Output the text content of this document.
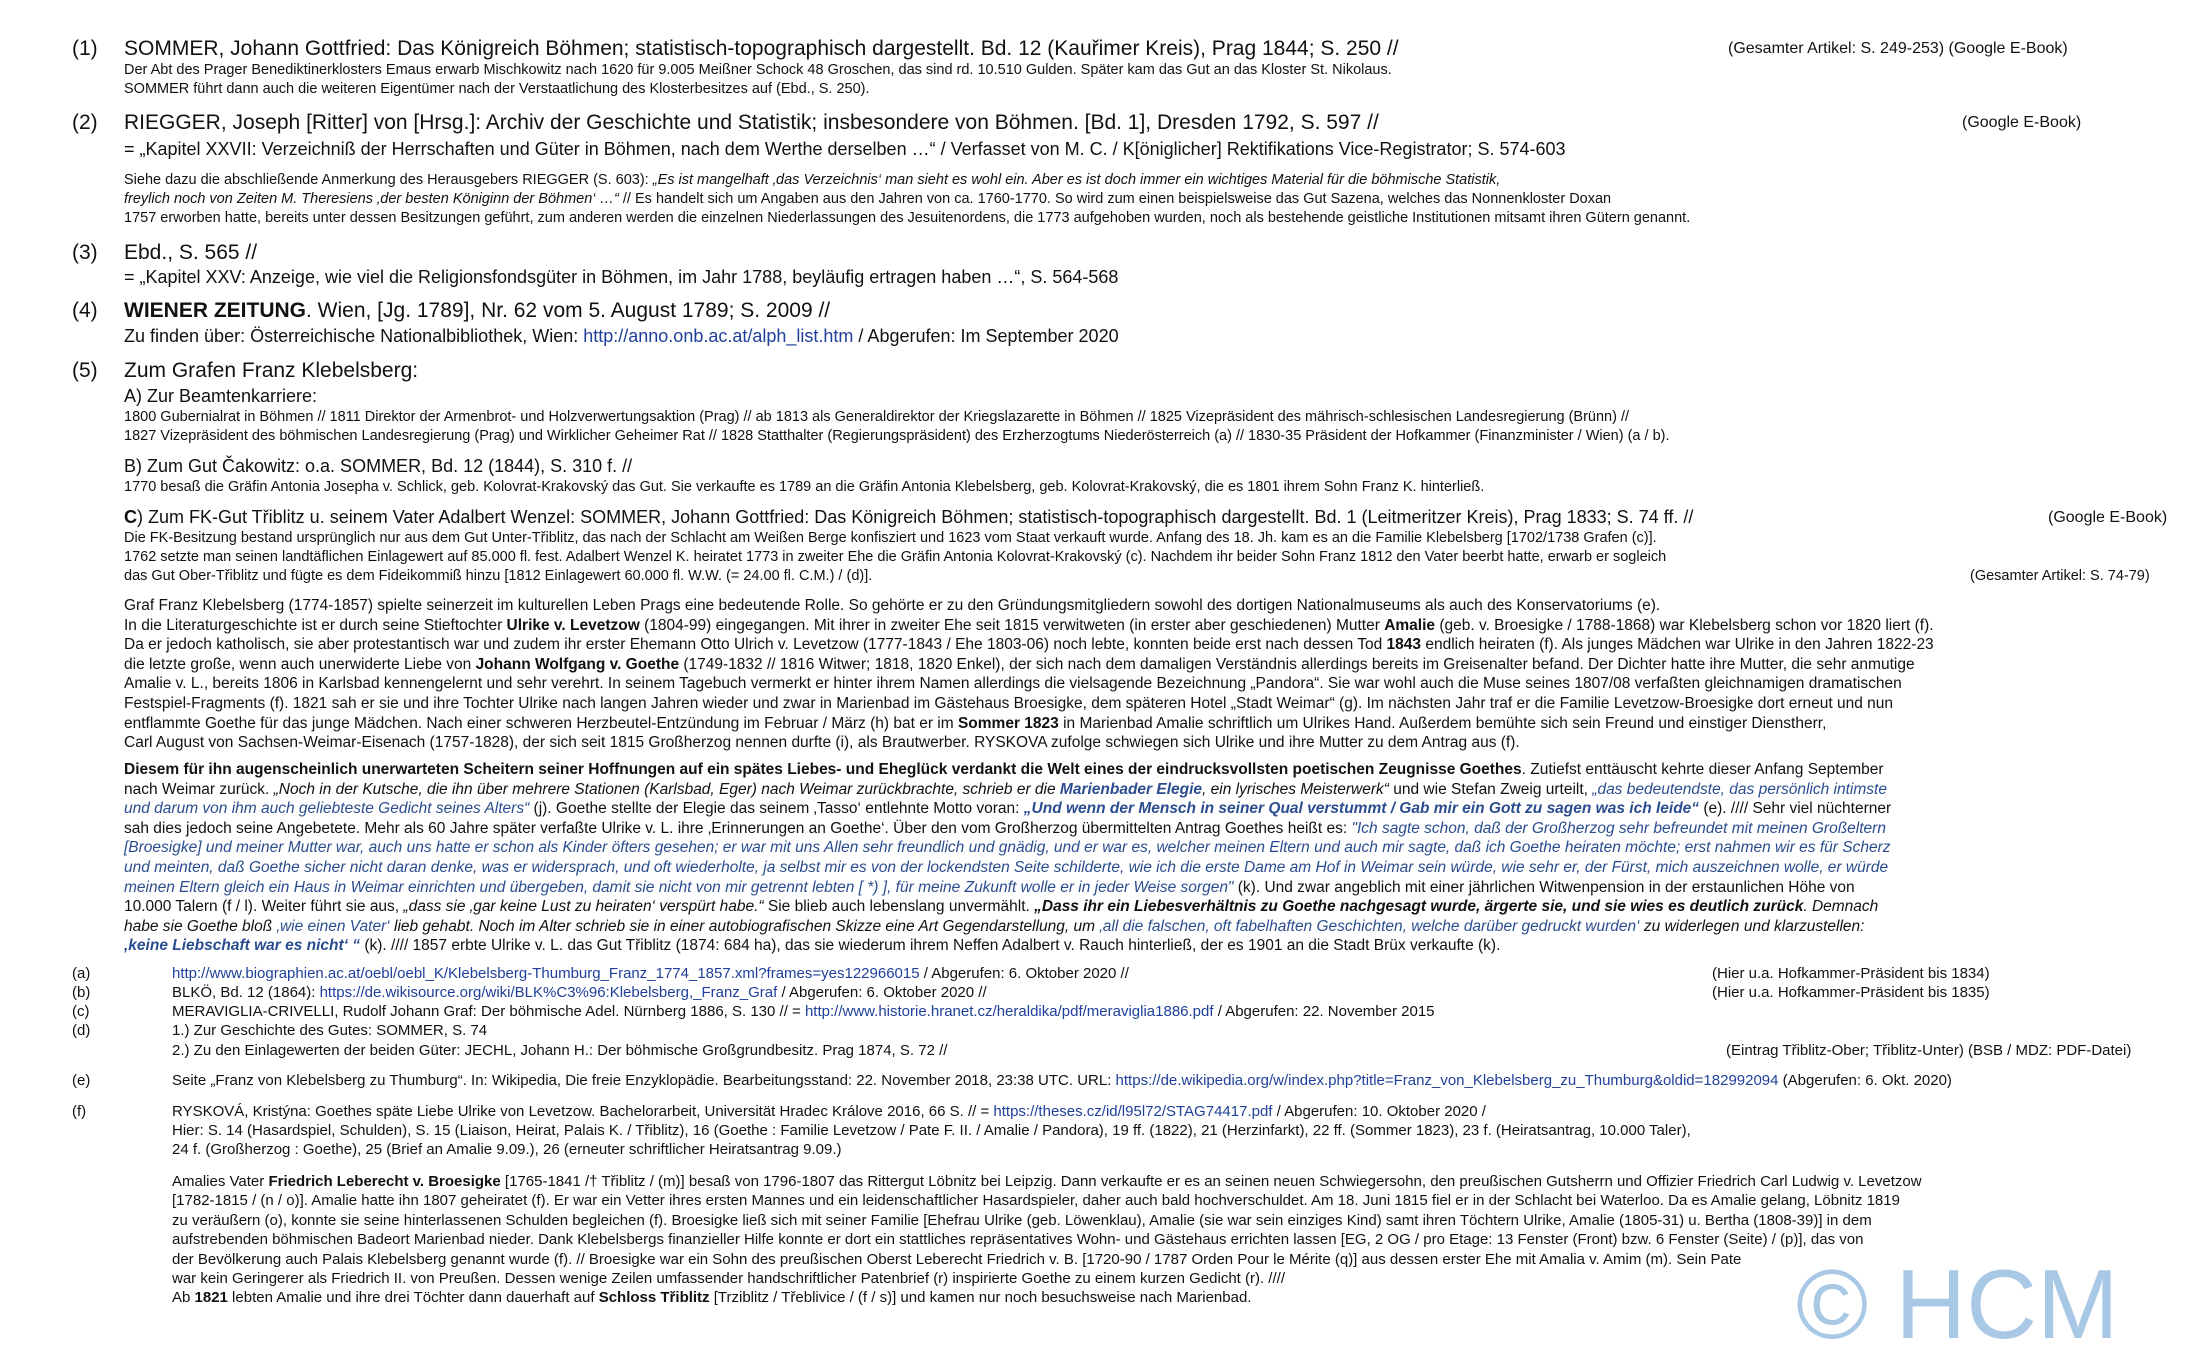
(1) SOMMER, Johann Gottfried: Das Königreich Böhmen; statistisch-topographisch dargestellt. Bd. 12 (Kauřimer Kreis), Prag 1844; S. 250 //	(Gesamter Artikel: S. 249-253) (Google E-Book)
Der Abt des Prager Benediktinerklosters Emaus erwarb Mischkowitz nach 1620 für 9.005 Meißner Schock 48 Groschen, das sind rd. 10.510 Gulden. Später kam das Gut an das Kloster St. Nikolaus.
SOMMER führt dann auch die weiteren Eigentümer nach der Verstaatlichung des Klosterbesitzes auf (Ebd., S. 250).
(2) RIEGGER, Joseph [Ritter] von [Hrsg.]: Archiv der Geschichte und Statistik; insbesondere von Böhmen. [Bd. 1], Dresden 1792, S. 597 //	(Google E-Book)
= „Kapitel XXVII: Verzeichniß der Herrschaften und Güter in Böhmen, nach dem Werthe derselben …“ / Verfasset von M. C. / K[öniglicher] Rektifikations Vice-Registrator; S. 574-603
Siehe dazu die abschließende Anmerkung des Herausgebers RIEGGER (S. 603): „Es ist mangelhaft ‚das Verzeichnis‘ man sieht es wohl ein. Aber es ist doch immer ein wichtiges Material für die böhmische Statistik,
freylich noch von Zeiten M. Theresiens ‚der besten Königinn der Böhmen‘ …“ // Es handelt sich um Angaben aus den Jahren von ca. 1760-1770. So wird zum einen beispielsweise das Gut Sazena, welches das Nonnenkloster Doxan
1757 erworben hatte, bereits unter dessen Besitzungen geführt, zum anderen werden die einzelnen Niederlassungen des Jesuitenordens, die 1773 aufgehoben wurden, noch als bestehende geistliche Institutionen mitsamt ihren Gütern genannt.
(3) Ebd., S. 565 //
= „Kapitel XXV: Anzeige, wie viel die Religionsfondsgüter in Böhmen, im Jahr 1788, beyläufig ertragen haben …“, S. 564-568
(4) WIENER ZEITUNG. Wien, [Jg. 1789], Nr. 62 vom 5. August 1789; S. 2009 //
Zu finden über: Österreichische Nationalbibliothek, Wien: http://anno.onb.ac.at/alph_list.htm / Abgerufen: Im September 2020
(5) Zum Grafen Franz Klebelsberg:
A) Zur Beamtenkarriere:
1800 Gubernialrat in Böhmen // 1811 Direktor der Armenbrot- und Holzverwertungsaktion (Prag) // ab 1813 als Generaldirektor der Kriegslazarette in Böhmen // 1825 Vizepräsident des mährisch-schlesischen Landesregierung (Brünn) //
1827 Vizepräsident des böhmischen Landesregierung (Prag) und Wirklicher Geheimer Rat // 1828 Statthalter (Regierungspräsident) des Erzherzogtums Niederösterreich (a) // 1830-35 Präsident der Hofkammer (Finanzminister / Wien) (a / b).
B) Zum Gut Čakowitz: o.a. SOMMER, Bd. 12 (1844), S. 310 f. //
1770 besaß die Gräfin Antonia Josepha v. Schlick, geb. Kolovrat-Krakovský das Gut. Sie verkaufte es 1789 an die Gräfin Antonia Klebelsberg, geb. Kolovrat-Krakovský, die es 1801 ihrem Sohn Franz K. hinterließ.
C) Zum FK-Gut Třiblitz u. seinem Vater Adalbert Wenzel: SOMMER, Johann Gottfried: Das Königreich Böhmen; statistisch-topographisch dargestellt. Bd. 1 (Leitmeritzer Kreis), Prag 1833; S. 74 ff. //	(Google E-Book)
Die FK-Besitzung bestand ursprünglich nur aus dem Gut Unter-Třiblitz, das nach der Schlacht am Weißen Berge konfisziert und 1623 vom Staat verkauft wurde. Anfang des 18. Jh. kam es an die Familie Klebelsberg [1702/1738 Grafen (c)].
1762 setzte man seinen landtäflichen Einlagewert auf 85.000 fl. fest. Adalbert Wenzel K. heiratet 1773 in zweiter Ehe die Gräfin Antonia Kolovrat-Krakovský (c). Nachdem ihr beider Sohn Franz 1812 den Vater beerbt hatte, erwarb er sogleich
das Gut Ober-Třiblitz und fügte es dem Fideikommiß hinzu [1812 Einlagewert 60.000 fl. W.W. (= 24.00 fl. C.M.) / (d)].	(Gesamter Artikel: S. 74-79)
Graf Franz Klebelsberg (1774-1857) spielte seinerzeit im kulturellen Leben Prags eine bedeutende Rolle. So gehörte er zu den Gründungsmitgliedern sowohl des dortigen Nationalmuseums als auch des Konservatoriums (e).
In die Literaturgeschichte ist er durch seine Stieftochter Ulrike v. Levetzow (1804-99) eingegangen. Mit ihrer in zweiter Ehe seit 1815 verwitweten (in erster aber geschiedenen) Mutter Amalie (geb. v. Broesigke / 1788-1868) war Klebelsberg schon vor 1820 liert (f).
Da er jedoch katholisch, sie aber protestantisch war und zudem ihr erster Ehemann Otto Ulrich v. Levetzow (1777-1843 / Ehe 1803-06) noch lebte, konnten beide erst nach dessen Tod 1843 endlich heiraten (f). Als junges Mädchen war Ulrike in den Jahren 1822-23
die letzte große, wenn auch unerwiderte Liebe von Johann Wolfgang v. Goethe (1749-1832 // 1816 Witwer; 1818, 1820 Enkel), der sich nach dem damaligen Verständnis allerdings bereits im Greisenalter befand. Der Dichter hatte ihre Mutter, die sehr anmutige
Amalie v. L., bereits 1806 in Karlsbad kennengelernt und sehr verehrt. In seinem Tagebuch vermerkt er hinter ihrem Namen allerdings die vielsagende Bezeichnung „Pandora“. Sie war wohl auch die Muse seines 1807/08 verfaßten gleichnamigen dramatischen
Festspiel-Fragments (f). 1821 sah er sie und ihre Tochter Ulrike nach langen Jahren wieder und zwar in Marienbad im Gästehaus Broesigke, dem späteren Hotel „Stadt Weimar“ (g). Im nächsten Jahr traf er die Familie Levetzow-Broesigke dort erneut und nun
entflammte Goethe für das junge Mädchen. Nach einer schweren Herzbeutel-Entzündung im Februar / März (h) bat er im Sommer 1823 in Marienbad Amalie schriftlich um Ulrikes Hand. Außerdem bemühte sich sein Freund und einstiger Dienstherr,
Carl August von Sachsen-Weimar-Eisenach (1757-1828), der sich seit 1815 Großherzog nennen durfte (i), als Brautwerber. RYSKOVA zufolge schwiegen sich Ulrike und ihre Mutter zu dem Antrag aus (f).
Diesem für ihn augenscheinlich unerwarteten Scheitern seiner Hoffnungen auf ein spätes Liebes- und Eheglück verdankt die Welt eines der eindrucksvollsten poetischen Zeugnisse Goethes. Zutiefst enttäuscht kehrte dieser Anfang September
nach Weimar zurück. „Noch in der Kutsche, die ihn über mehrere Stationen (Karlsbad, Eger) nach Weimar zurückbrachte, schrieb er die Marienbader Elegie, ein lyrisches Meisterwerk“ und wie Stefan Zweig urteilt, „das bedeutendste, das persönlich intimste
und darum von ihm auch geliebteste Gedicht seines Alters“ (j). Goethe stellte der Elegie das seinem ‚Tasso‘ entlehnte Motto voran: „Und wenn der Mensch in seiner Qual verstummt / Gab mir ein Gott zu sagen was ich leide“ (e). //// Sehr viel nüchterner
sah dies jedoch seine Angebetete. Mehr als 60 Jahre später verfaßte Ulrike v. L. ihre ‚Erinnerungen an Goethe‘. Über den vom Großherzog übermittelten Antrag Goethes heißt es: "Ich sagte schon, daß der Großherzog sehr befreundet mit meinen Großeltern
[Broesigke] und meiner Mutter war, auch uns hatte er schon als Kinder öfters gesehen; er war mit uns Allen sehr freundlich und gnädig, und er war es, welcher meinen Eltern und auch mir sagte, daß ich Goethe heiraten möchte; erst nahmen wir es für Scherz
und meinten, daß Goethe sicher nicht daran denke, was er widersprach, und oft wiederholte, ja selbst mir es von der lockendsten Seite schilderte, wie ich die erste Dame am Hof in Weimar sein würde, wie sehr er, der Fürst, mich auszeichnen wolle, er würde
meinen Eltern gleich ein Haus in Weimar einrichten und übergeben, damit sie nicht von mir getrennt lebten [ *) ], für meine Zukunft wolle er in jeder Weise sorgen" (k). Und zwar angeblich mit einer jährlichen Witwenpension in der erstaunlichen Höhe von
10.000 Talern (f / l). Weiter führt sie aus, „dass sie ‚gar keine Lust zu heiraten‘ verspürt habe.“ Sie blieb auch lebenslang unvermählt. „Dass ihr ein Liebesverhältnis zu Goethe nachgesagt wurde, ärgerte sie, und sie wies es deutlich zurück. Demnach
habe sie Goethe bloß ‚wie einen Vater‘ lieb gehabt. Noch im Alter schrieb sie in einer autobiografischen Skizze eine Art Gegendarstellung, um ‚all die falschen, oft fabelhaften Geschichten, welche darüber gedruckt wurden‘ zu widerlegen und klarzustellen:
‚keine Liebschaft war es nicht‘ “ (k). //// 1857 erbte Ulrike v. L. das Gut Třiblitz (1874: 684 ha), das sie wiederum ihrem Neffen Adalbert v. Rauch hinterließ, der es 1901 an die Stadt Brüx verkaufte (k).
(a)	http://www.biographien.ac.at/oebl/oebl_K/Klebelsberg-Thumburg_Franz_1774_1857.xml?frames=yes122966015 / Abgerufen: 6. Oktober 2020 //	(Hier u.a. Hofkammer-Präsident bis 1834)
(b)	BLKÖ, Bd. 12 (1864): https://de.wikisource.org/wiki/BLK%C3%96:Klebelsberg,_Franz_Graf / Abgerufen: 6. Oktober 2020 //	(Hier u.a. Hofkammer-Präsident bis 1835)
(c)	MERAVIGLIA-CRIVELLI, Rudolf Johann Graf: Der böhmische Adel. Nürnberg 1886, S. 130 // = http://www.historie.hranet.cz/heraldika/pdf/meraviglia1886.pdf / Abgerufen: 22. November 2015
(d)	1.) Zur Geschichte des Gutes: SOMMER, S. 74
2.) Zu den Einlagewerten der beiden Güter: JECHL, Johann H.: Der böhmische Großgrundbesitz. Prag 1874, S. 72 //	(Eintrag Třiblitz-Ober; Třiblitz-Unter) (BSB / MDZ: PDF-Datei)
(e)	Seite „Franz von Klebelsberg zu Thumburg“. In: Wikipedia, Die freie Enzyklopädie. Bearbeitungsstand: 22. November 2018, 23:38 UTC. URL: https://de.wikipedia.org/w/index.php?title=Franz_von_Klebelsberg_zu_Thumburg&oldid=182992094 (Abgerufen: 6. Okt. 2020)
(f)	RYSKOVÁ, Kristýna: Goethes späte Liebe Ulrike von Levetzow. Bachelorarbeit, Universität Hradec Králove 2016, 66 S. // = https://theses.cz/id/l95l72/STAG74417.pdf / Abgerufen: 10. Oktober 2020 /
Hier: S. 14 (Hasardspiel, Schulden), S. 15 (Liaison, Heirat, Palais K. / Třiblitz), 16 (Goethe : Familie Levetzow / Pate F. II. / Amalie / Pandora), 19 ff. (1822), 21 (Herzinfarkt), 22 ff. (Sommer 1823), 23 f. (Heiratsantrag, 10.000 Taler),
24 f. (Großherzog : Goethe), 25 (Brief an Amalie 9.09.), 26 (erneuter schriftlicher Heiratsantrag 9.09.)
Amalies Vater Friedrich Leberecht v. Broesigke [1765-1841 /† Třiblitz / (m)] besaß von 1796-1807 das Rittergut Löbnitz bei Leipzig. Dann verkaufte er es an seinen neuen Schwiegersohn, den preußischen Gutsherrn und Offizier Friedrich Carl Ludwig v. Levetzow
[1782-1815 / (n / o)]. Amalie hatte ihn 1807 geheiratet (f). Er war ein Vetter ihres ersten Mannes und ein leidenschaftlicher Hasardspieler, daher auch bald hochverschuldet. Am 18. Juni 1815 fiel er in der Schlacht bei Waterloo. Da es Amalie gelang, Löbnitz 1819
zu veräußern (o), konnte sie seine hinterlassenen Schulden begleichen (f). Broesigke ließ sich mit seiner Familie [Ehefrau Ulrike (geb. Löwenklau), Amalie (sie war sein einziges Kind) samt ihren Töchtern Ulrike, Amalie (1805-31) u. Bertha (1808-39)] in dem
aufstrebenden böhmischen Badeort Marienbad nieder. Dank Klebelsbergs finanzieller Hilfe konnte er dort ein stattliches repräsentatives Wohn- und Gästehaus errichten lassen [EG, 2 OG / pro Etage: 13 Fenster (Front) bzw. 6 Fenster (Seite) / (p)], das von
der Bevölkerung auch Palais Klebelsberg genannt wurde (f). // Broesigke war ein Sohn des preußischen Oberst Leberecht Friedrich v. B. [1720-90 / 1787 Orden Pour le Mérite (q)] aus dessen erster Ehe mit Amalia v. Amim (m). Sein Pate
war kein Geringerer als Friedrich II. von Preußen. Dessen wenige Zeilen umfassender handschriftlicher Patenbrief (r) inspirierte Goethe zu einem kurzen Gedicht (r). ////
Ab 1821 lebten Amalie und ihre drei Töchter dann dauerhaft auf Schloss Třiblitz [Trziblitz / Třeblivice / (f / s)] und kamen nur noch besuchsweise nach Marienbad.	© HCM
